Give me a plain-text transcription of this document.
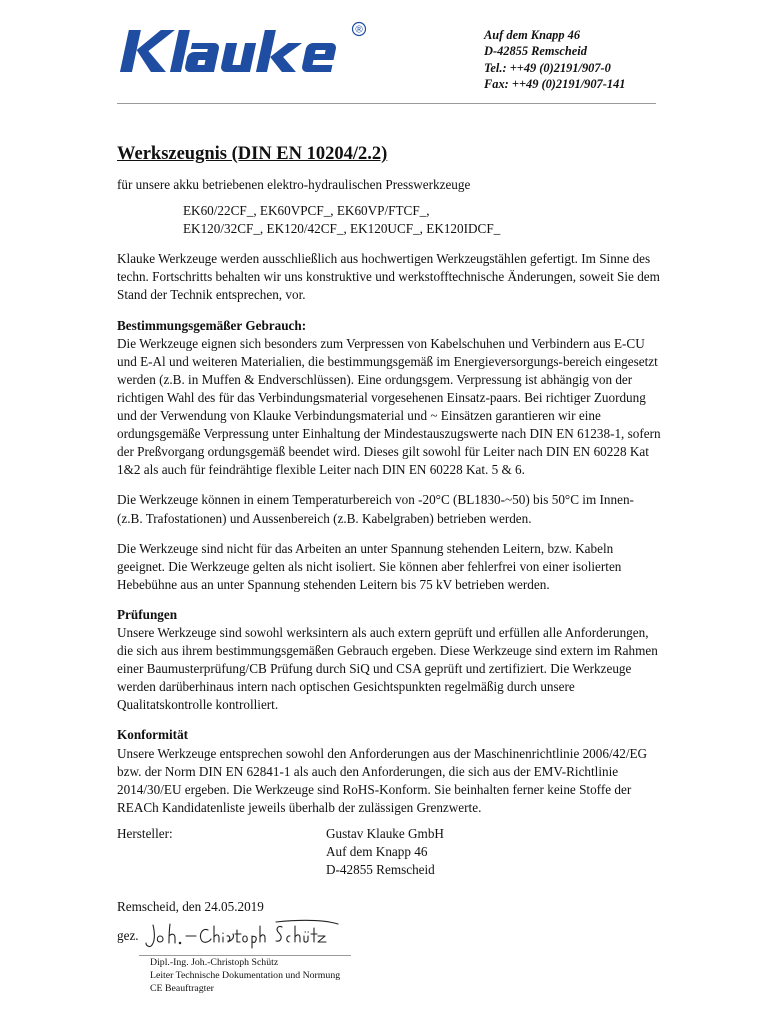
®	Auf dem Knapp 46
D-42855 Remscheid
Tel.: ++49 (0)2191/907-0
Fax: ++49 (0)2191/907-141
Werkszeugnis (DIN EN 10204/2.2)
für unsere akku betriebenen elektro-hydraulischen Presswerkzeuge
EK60/22CF_, EK60VPCF_, EK60VP/FTCF_,
EK120/32CF_, EK120/42CF_, EK120UCF_, EK120IDCF_
Klauke Werkzeuge werden ausschließlich aus hochwertigen Werkzeugstählen gefertigt. Im Sinne des techn. Fortschritts behalten wir uns konstruktive und werkstofftechnische Änderungen, soweit Sie dem Stand der Technik entsprechen, vor.
Bestimmungsgemäßer Gebrauch:
Die Werkzeuge eignen sich besonders zum Verpressen von Kabelschuhen und Verbindern aus E-CU und E-Al und weiteren Materialien, die bestimmungsgemäß im Energieversorgungs-bereich eingesetzt werden (z.B. in Muffen & Endverschlüssen). Eine ordungsgem. Verpressung ist abhängig von der richtigen Wahl des für das Verbindungsmaterial vorgesehenen Einsatz-paars. Bei richtiger Zuordung und der Verwendung von Klauke Verbindungsmaterial und ~ Einsätzen garantieren wir eine ordungsgemäße Verpressung unter Einhaltung der Mindestauszugswerte nach DIN EN 61238-1, sofern der Preßvorgang ordungsgemäß beendet wird. Dieses gilt sowohl für Leiter nach DIN EN 60228 Kat 1&2 als auch für feindrähtige flexible Leiter nach DIN EN 60228 Kat. 5 & 6.
Die Werkzeuge können in einem Temperaturbereich von -20°C (BL1830-~50) bis 50°C im Innen- (z.B. Trafostationen) und Aussenbereich (z.B. Kabelgraben) betrieben werden.
Die Werkzeuge sind nicht für das Arbeiten an unter Spannung stehenden Leitern, bzw. Kabeln geeignet. Die Werkzeuge gelten als nicht isoliert. Sie können aber fehlerfrei von einer isolierten Hebebühne aus an unter Spannung stehenden Leitern bis 75 kV betrieben werden.
Prüfungen
Unsere Werkzeuge sind sowohl werksintern als auch extern geprüft und erfüllen alle Anforderungen, die sich aus ihrem bestimmungsgemäßen Gebrauch ergeben. Diese Werkzeuge sind extern im Rahmen einer Baumusterprüfung/CB Prüfung durch SiQ und CSA geprüft und zertifiziert. Die Werkzeuge werden darüberhinaus intern nach optischen Gesichtspunkten regelmäßig durch unsere Qualitatskontrolle kontrolliert.
Konformität
Unsere Werkzeuge entsprechen sowohl den Anforderungen aus der Maschinenrichtlinie 2006/42/EG bzw. der Norm DIN EN 62841-1 als auch den Anforderungen, die sich aus der EMV-Richtlinie 2014/30/EU ergeben. Die Werkzeuge sind RoHS-Konform. Sie beinhalten ferner keine Stoffe der REACh Kandidatenliste jeweils überhalb der zulässigen Grenzwerte.
Hersteller:	Gustav Klauke GmbH
Auf dem Knapp 46
D-42855 Remscheid
Remscheid, den 24.05.2019
gez.
Dipl.-Ing. Joh.-Christoph Schütz
Leiter Technische Dokumentation und Normung
CE Beauftragter
